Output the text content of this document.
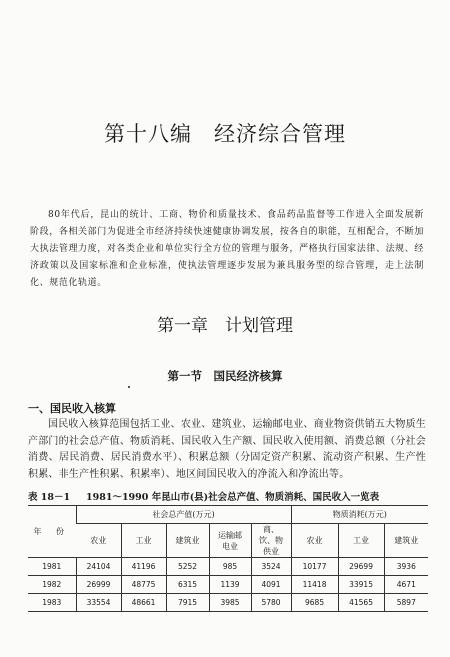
第十八编　经济综合管理
80年代后，昆山的统计、工商、物价和质量技术、食品药品监督等工作进入全面发展新阶段，各相关部门为促进全市经济持续快速健康协调发展，按各自的职能，互相配合，不断加大执法管理力度，对各类企业和单位实行全方位的管理与服务，严格执行国家法律、法规、经济政策以及国家标准和企业标准，使执法管理逐步发展为兼具服务型的综合管理，走上法制化、规范化轨道。
第一章　计划管理
第一节　国民经济核算
一、国民收入核算
国民收入核算范围包括工业、农业、建筑业、运输邮电业、商业物资供销五大物质生产部门的社会总产值、物质消耗、国民收入生产额、国民收入使用额、消费总额（分社会消费、居民消费、居民消费水平）、积累总额（分固定资产积累、流动资产积累、生产性积累、非生产性积累、积累率）、地区间国民收入的净流入和净流出等。
表 18－1 1981～1990 年昆山市(县)社会总产值、物质消耗、国民收入一览表
年 份	社会总产值(万元)					物质消耗(万元)		
	农业	工业	建筑业	运输邮电业	商、饮、物供业	农业	工业	建筑业
1981	24104	41196	5252	985	3524	10177	29699	3936
1982	26999	48775	6315	1139	4091	11418	33915	4671
1983	33554	48661	7915	3985	5780	9685	41565	5897
